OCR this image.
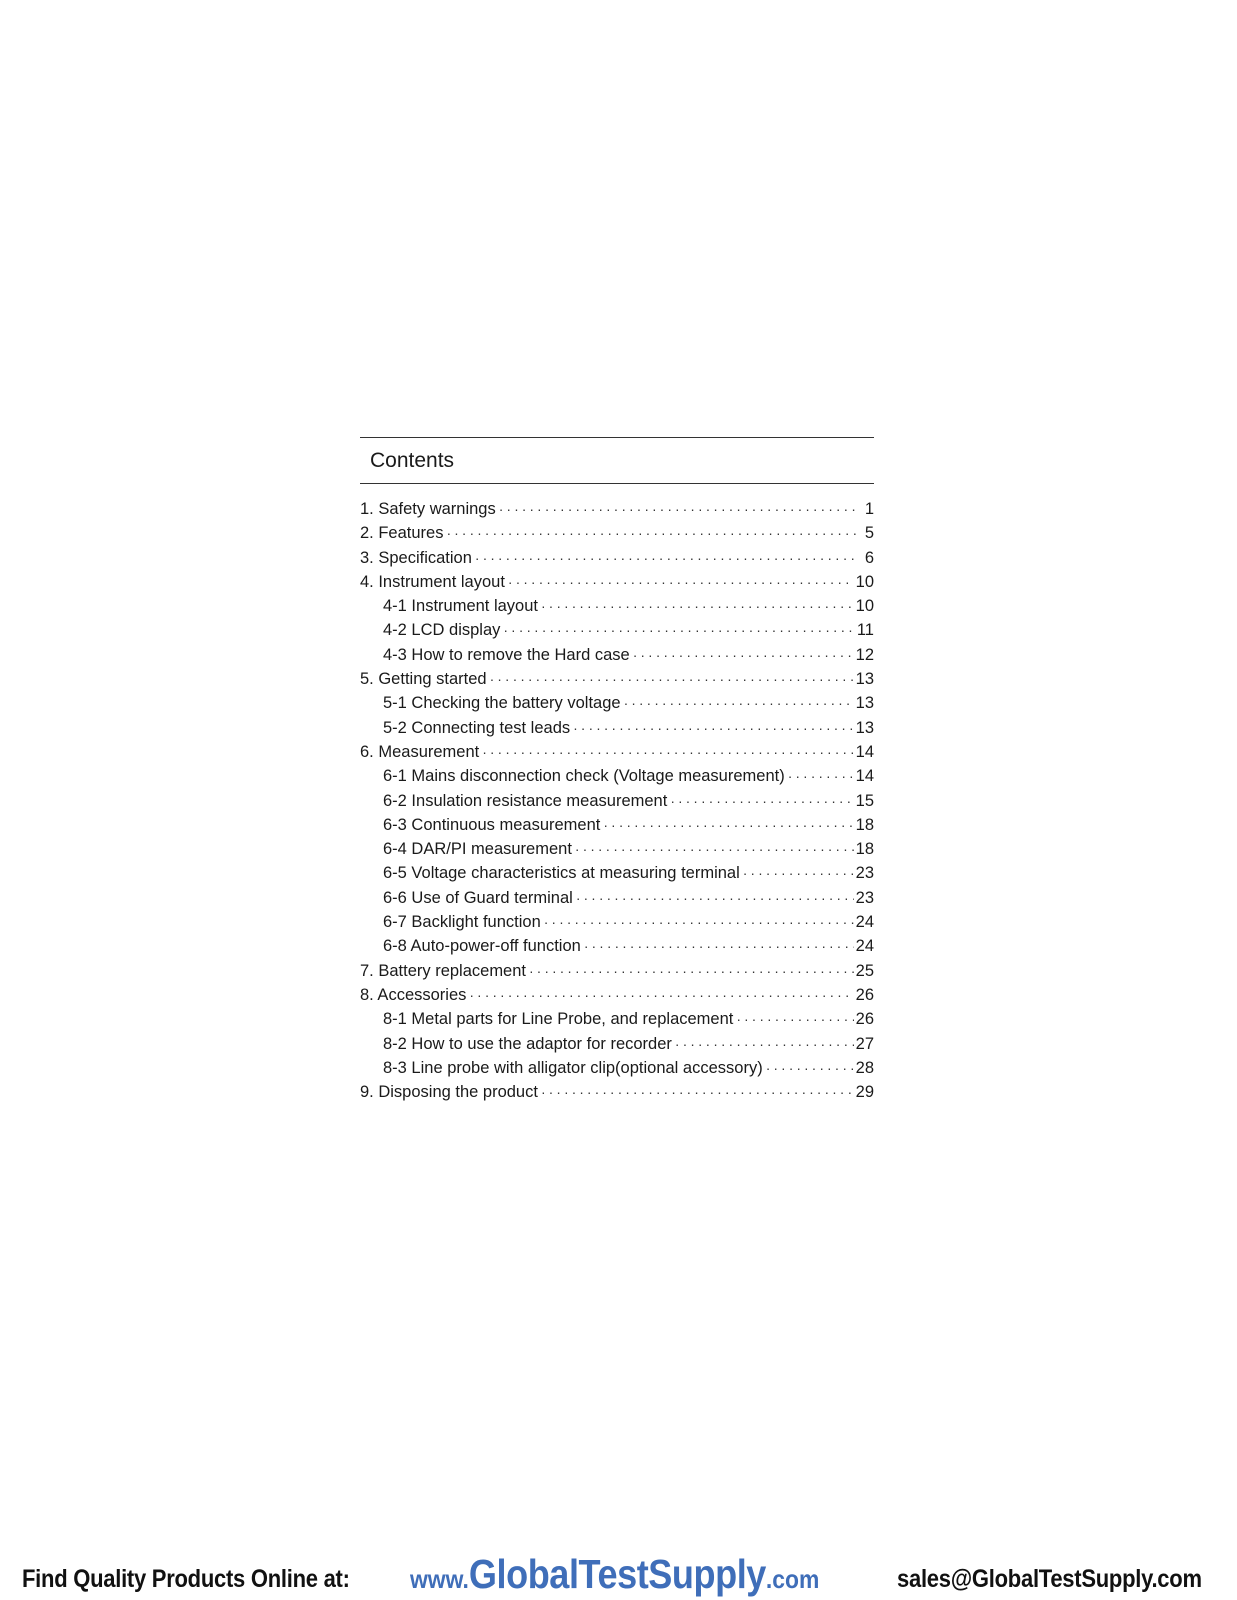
Contents
1. Safety warnings ·····	1
2. Features ·····	5
3. Specification ·····	6
4. Instrument layout ·····	10
4-1 Instrument layout ·····	10
4-2 LCD display ·····	11
4-3 How to remove the Hard case ·····	12
5. Getting started ·····	13
5-1 Checking the battery voltage ·····	13
5-2 Connecting test leads ·····	13
6. Measurement ·····	14
6-1 Mains disconnection check (Voltage measurement) ·····	14
6-2 Insulation resistance measurement ·····	15
6-3 Continuous measurement ·····	18
6-4 DAR/PI measurement ·····	18
6-5 Voltage characteristics at measuring terminal ·····	23
6-6 Use of Guard terminal ·····	23
6-7 Backlight function ·····	24
6-8 Auto-power-off function ·····	24
7. Battery replacement ·····	25
8. Accessories ·····	26
8-1 Metal parts for Line Probe, and replacement ·····	26
8-2 How to use the adaptor for recorder ·····	27
8-3 Line probe with alligator clip(optional accessory) ·····	28
9. Disposing the product ·····	29
Find Quality Products Online at: www.GlobalTestSupply.com	sales@GlobalTestSupply.com
